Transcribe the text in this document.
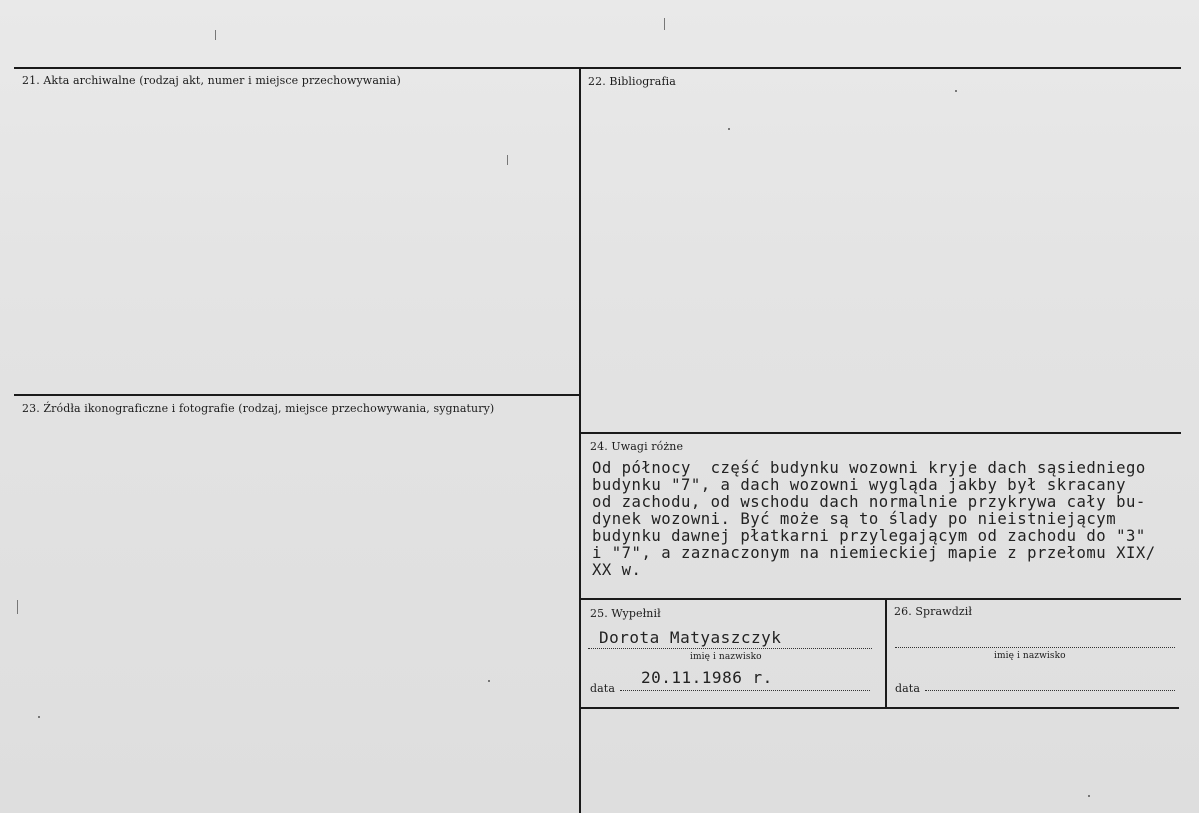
21. Akta archiwalne (rodzaj akt, numer i miejsce przechowywania)	22. Bibliografia
23. Źródła ikonograficzne i fotografie (rodzaj, miejsce przechowywania, sygnatury)
24. Uwagi różne
25. Wypełnił	26. Sprawdził
Od północy  część budynku wozowni kryje dach sąsiedniego
budynku "7", a dach wozowni wygląda jakby był skracany
od zachodu, od wschodu dach normalnie przykrywa cały bu-
dynek wozowni. Być może są to ślady po nieistniejącym
budynku dawnej płatkarni przylegającym od zachodu do "3"
i "7", a zaznaczonym na niemieckiej mapie z przełomu XIX/
XX w.
Dorota Matyaszczyk
imię i nazwisko
data
20.11.1986 r.
imię i nazwisko
data
